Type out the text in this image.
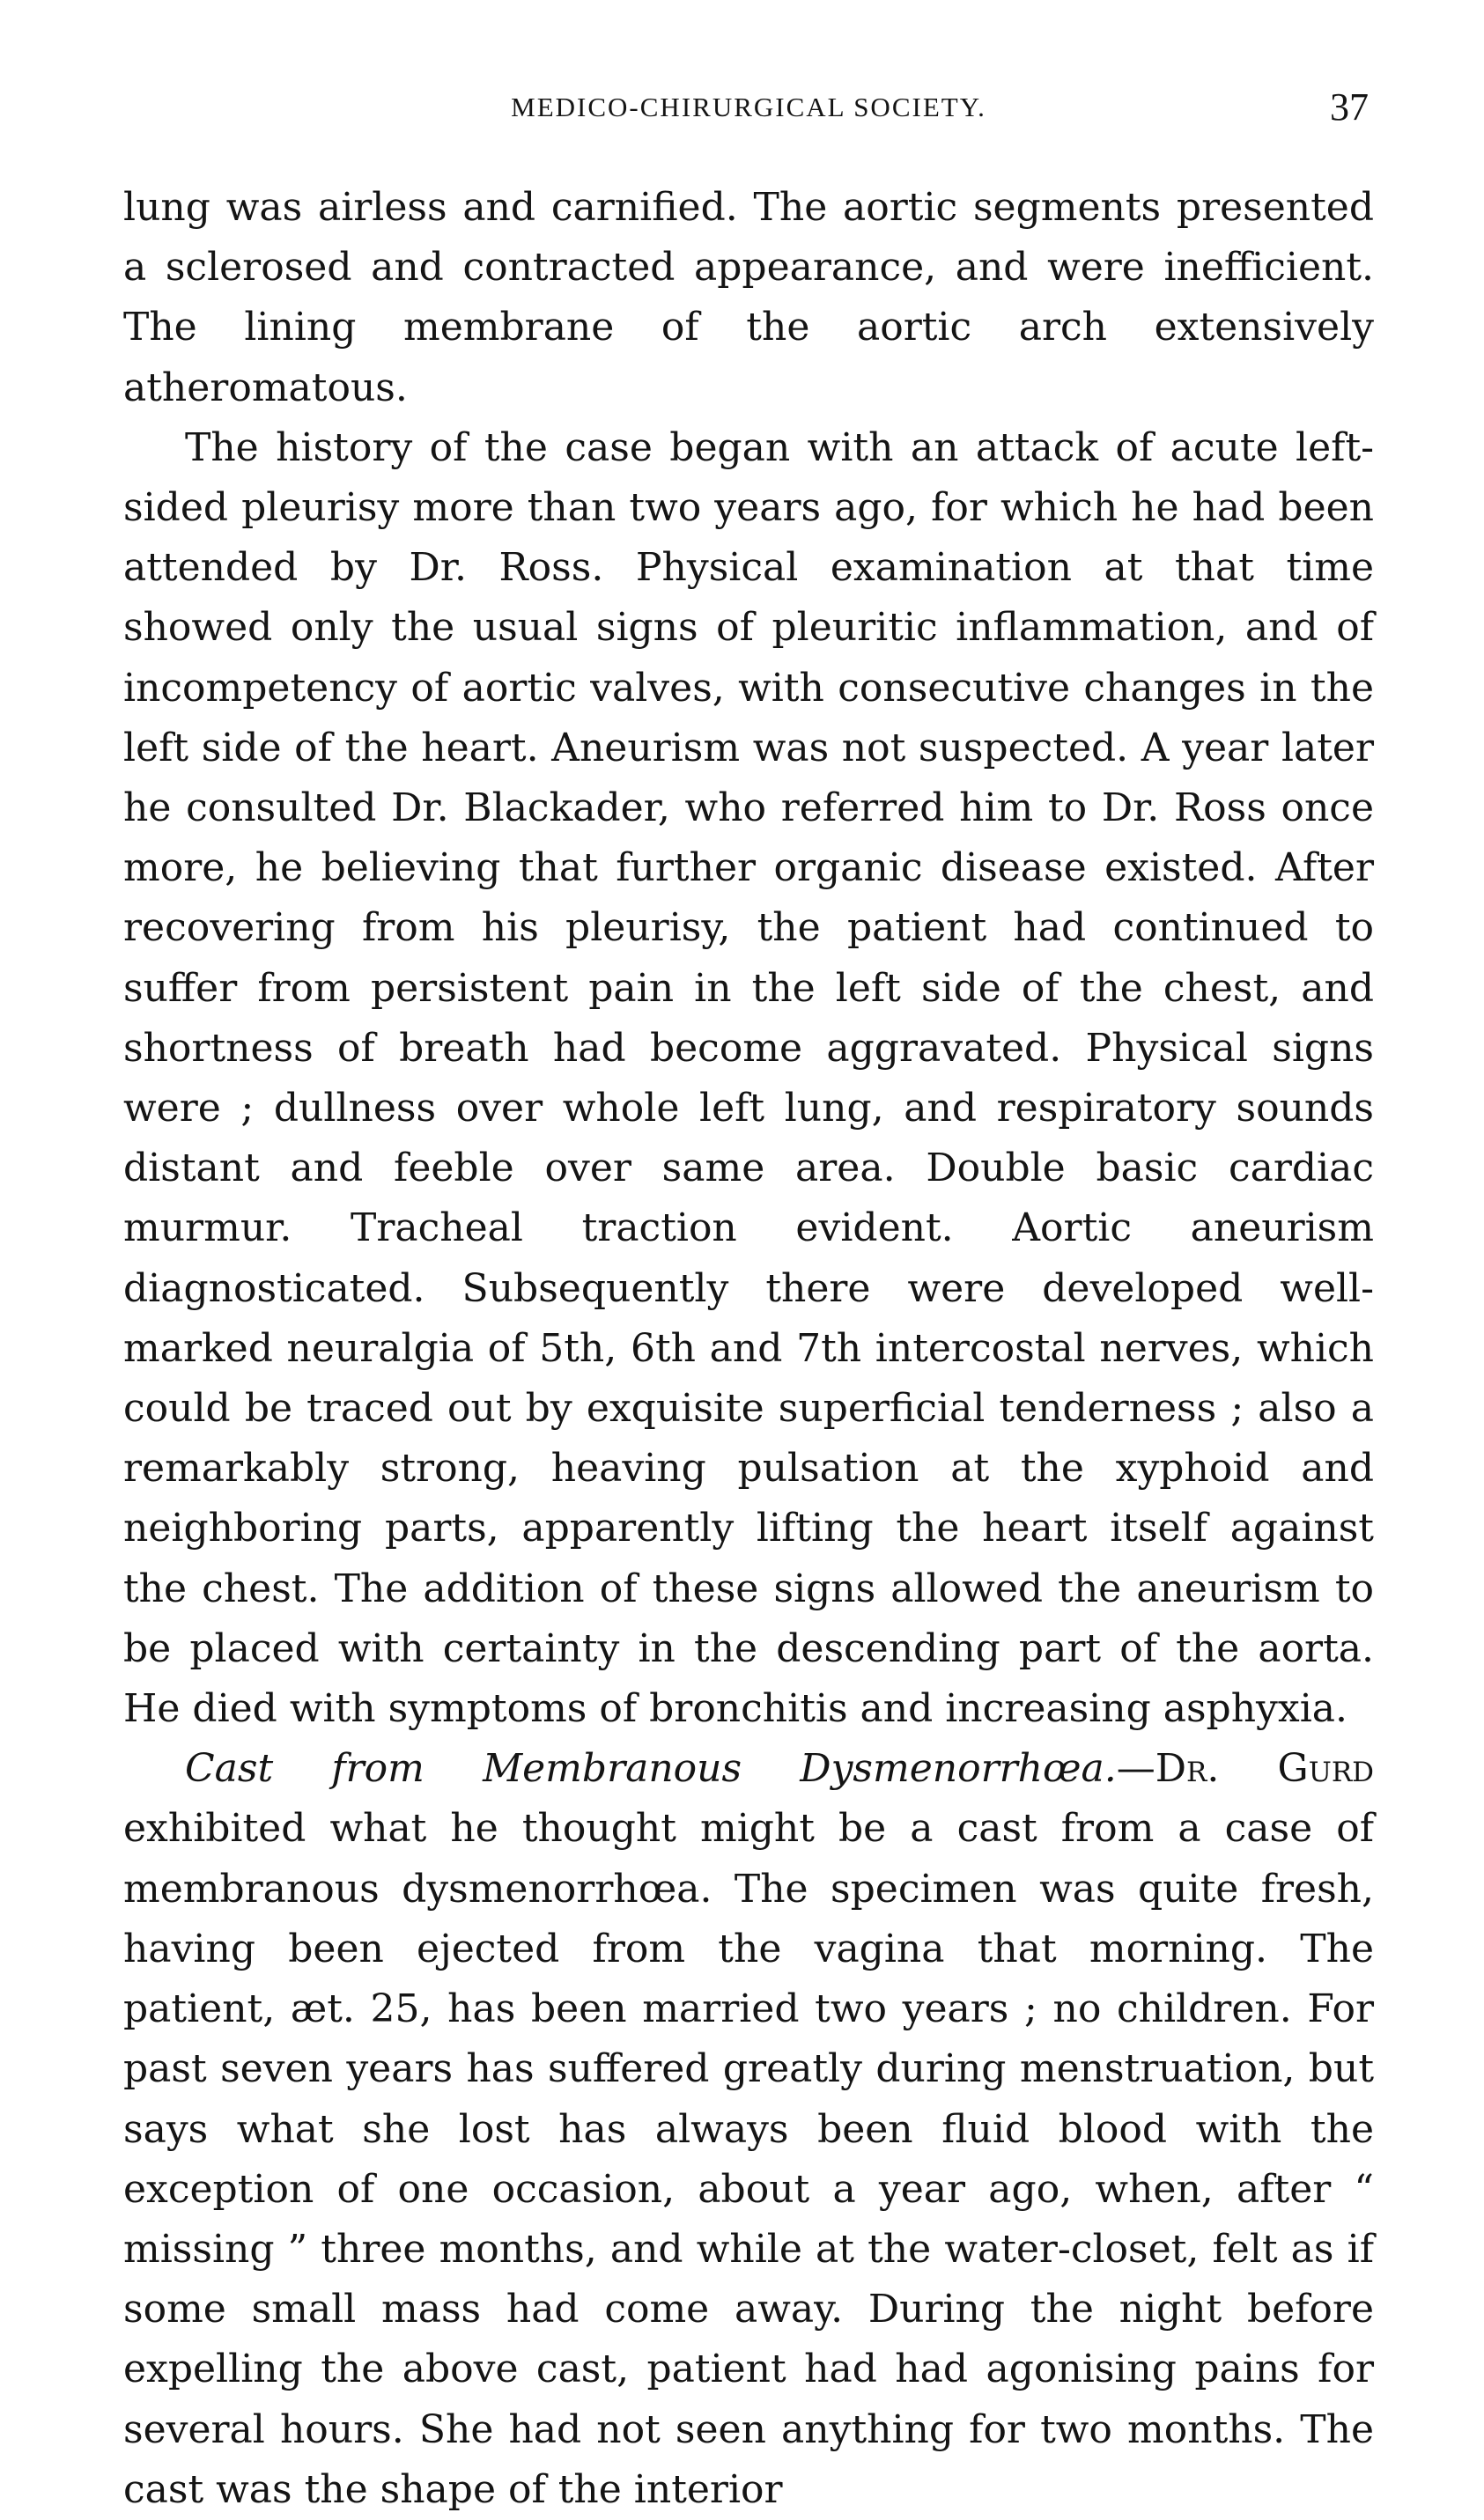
MEDICO-CHIRURGICAL SOCIETY.	37

lung was airless and carnified. The aortic segments presented a sclerosed and contracted appearance, and were inefficient. The lining membrane of the aortic arch extensively atheromatous.

The history of the case began with an attack of acute left-sided pleurisy more than two years ago, for which he had been attended by Dr. Ross. Physical examination at that time showed only the usual signs of pleuritic inflammation, and of incompetency of aortic valves, with consecutive changes in the left side of the heart. Aneurism was not suspected. A year later he consulted Dr. Blackader, who referred him to Dr. Ross once more, he believing that further organic disease existed. After recovering from his pleurisy, the patient had continued to suffer from persistent pain in the left side of the chest, and shortness of breath had become aggravated. Physical signs were ; dullness over whole left lung, and respiratory sounds distant and feeble over same area. Double basic cardiac murmur. Tracheal traction evident. Aortic aneurism diagnosticated. Subsequently there were developed well-marked neuralgia of 5th, 6th and 7th intercostal nerves, which could be traced out by exquisite superficial tenderness ; also a remarkably strong, heaving pulsation at the xyphoid and neighboring parts, apparently lifting the heart itself against the chest. The addition of these signs allowed the aneurism to be placed with certainty in the descending part of the aorta. He died with symptoms of bronchitis and increasing asphyxia.

Cast from Membranous Dysmenorrhœa.—Dr. Gurd exhibited what he thought might be a cast from a case of membranous dysmenorrhœa. The specimen was quite fresh, having been ejected from the vagina that morning. The patient, æt. 25, has been married two years ; no children. For past seven years has suffered greatly during menstruation, but says what she lost has always been fluid blood with the exception of one occasion, about a year ago, when, after “ missing ” three months, and while at the water-closet, felt as if some small mass had come away. During the night before expelling the above cast, patient had had agonising pains for several hours. She had not seen anything for two months. The cast was the shape of the interior
